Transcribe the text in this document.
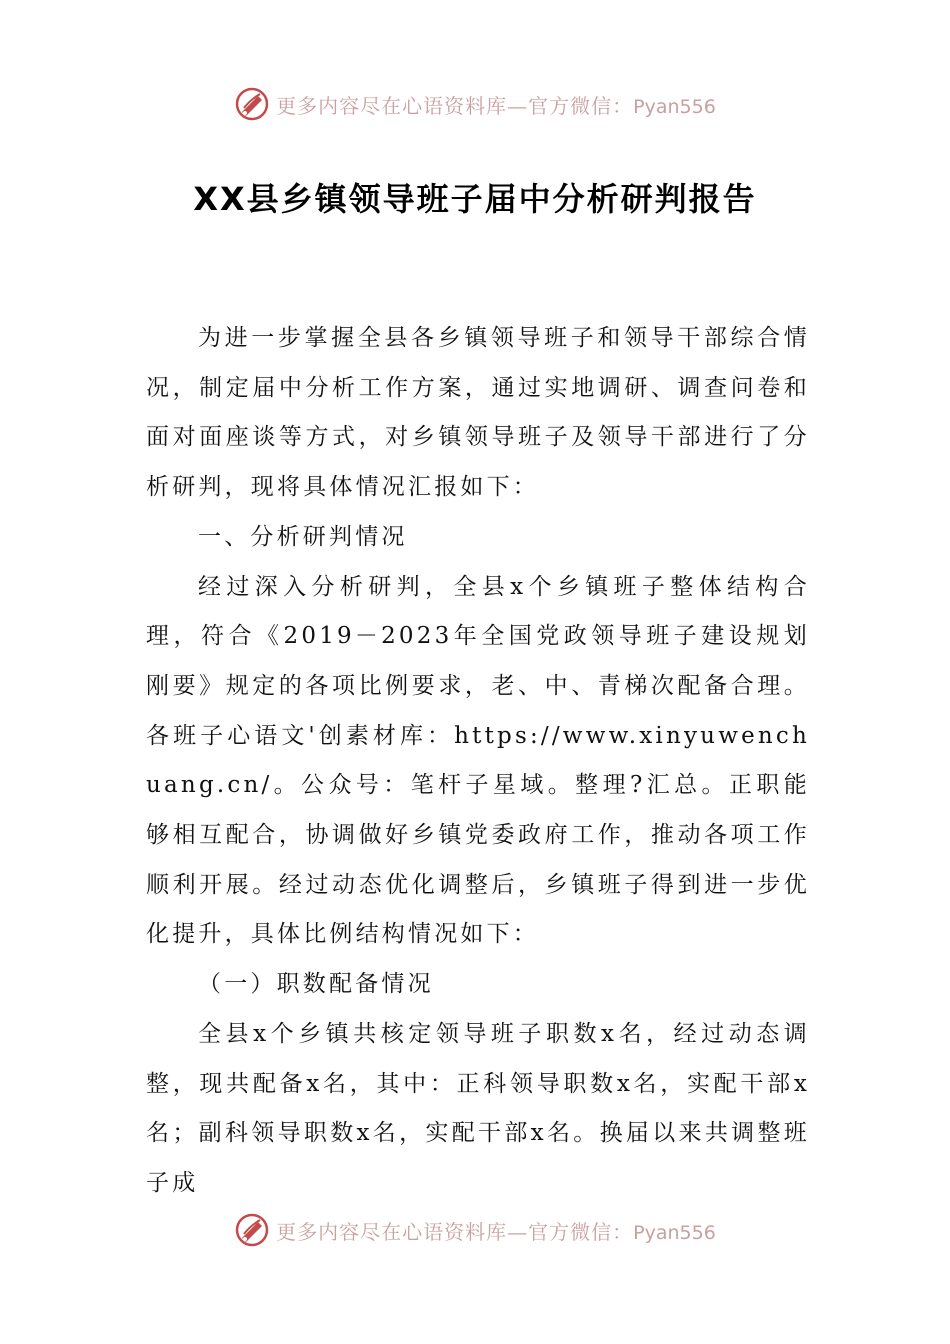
更多内容尽在心语资料库—官方微信：Pyan556
XX县乡镇领导班子届中分析研判报告

为进一步掌握全县各乡镇领导班子和领导干部综合情况，制定届中分析工作方案，通过实地调研、调查问卷和面对面座谈等方式，对乡镇领导班子及领导干部进行了分析研判，现将具体情况汇报如下：

一、分析研判情况

经过深入分析研判，全县x个乡镇班子整体结构合理，符合《2019－2023年全国党政领导班子建设规划刚要》规定的各项比例要求，老、中、青梯次配备合理。各班子心语文'创素材库：https://www.xinyuwenchuang.cn/。公众号：笔杆子星域。整理?汇总。正职能够相互配合，协调做好乡镇党委政府工作，推动各项工作顺利开展。经过动态优化调整后，乡镇班子得到进一步优化提升，具体比例结构情况如下：

（一）职数配备情况

全县x个乡镇共核定领导班子职数x名，经过动态调整，现共配备x名，其中：正科领导职数x名，实配干部x名；副科领导职数x名，实配干部x名。换届以来共调整班子成

更多内容尽在心语资料库—官方微信：Pyan556
